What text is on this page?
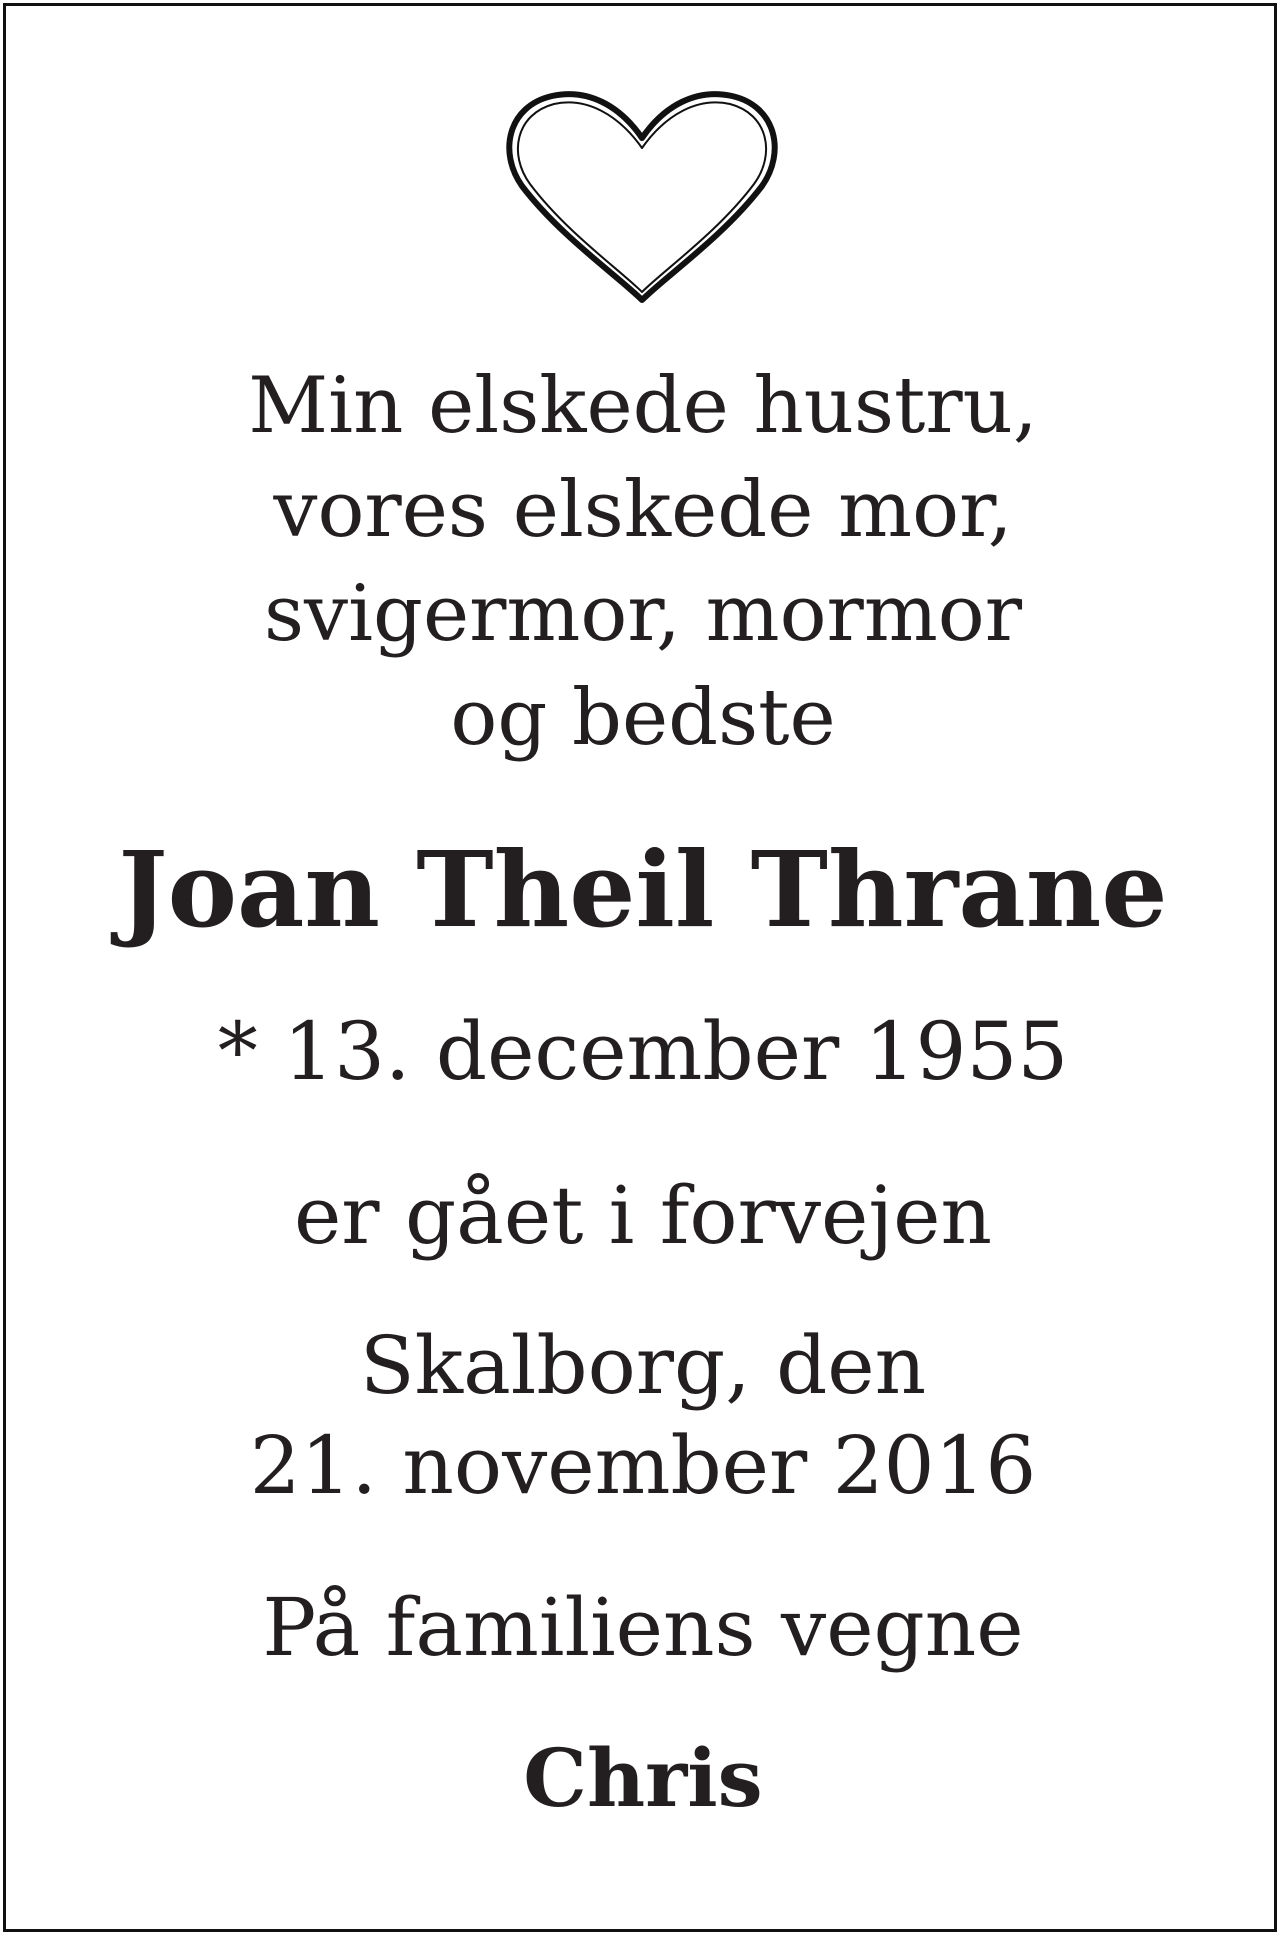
Min elskede hustru,
vores elskede mor,
svigermor, mormor
og bedste
Joan Theil Thrane

* 13. december 1955

er gået i forvejen

Skalborg, den
21. november 2016

På familiens vegne

Chris
